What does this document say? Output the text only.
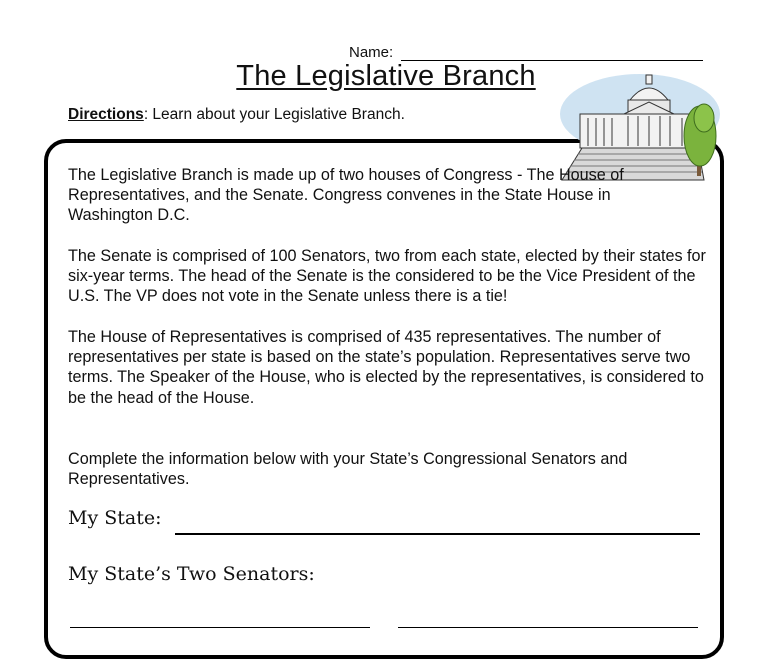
Name:
The Legislative Branch
Directions: Learn about your Legislative Branch.

The Legislative Branch is made up of two houses of Congress - The House of Representatives, and the Senate. Congress convenes in the State House in Washington D.C.

The Senate is comprised of 100 Senators, two from each state, elected by their states for six-year terms. The head of the Senate is the considered to be the Vice President of the U.S. The VP does not vote in the Senate unless there is a tie!

The House of Representatives is comprised of 435 representatives. The number of representatives per state is based on the state’s population. Representatives serve two terms. The Speaker of the House, who is elected by the representatives, is considered to be the head of the House.

Complete the information below with your State’s Congressional Senators and Representatives.

My State:
My State’s Two Senators:
